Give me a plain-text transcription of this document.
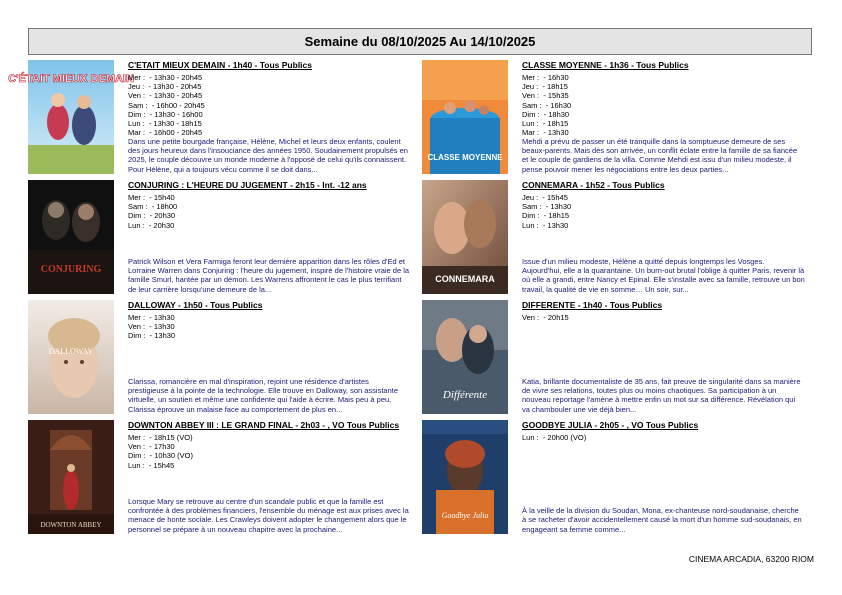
Semaine du 08/10/2025 Au 14/10/2025
C'ÉTAIT MIEUX DEMAIN
C'ETAIT MIEUX DEMAIN - 1h40 - Tous Publics
Mer :  - 13h30 - 20h45
Jeu :  - 13h30 - 20h45
Ven :  - 13h30 - 20h45
Sam :  - 16h00 - 20h45
Dim :  - 13h30 - 16h00
Lun :  - 13h30 - 18h15
Mar :  - 16h00 - 20h45
Dans une petite bourgade française, Hélène, Michel et leurs deux enfants, coulent des jours heureux dans l'insouciance des années 1950. Soudainement propulsés en 2025, le couple découvre un monde moderne à l'opposé de celui qu'ils connaissent. Pour Hélène, qui a toujours vécu comme il se doit dans...
CLASSE MOYENNE
CLASSE MOYENNE - 1h36 - Tous Publics
Mer :  - 16h30
Jeu :  - 18h15
Ven :  - 15h35
Sam :  - 16h30
Dim :  - 18h30
Lun :  - 18h15
Mar :  - 13h30
Mehdi a prévu de passer un été tranquille dans la somptueuse demeure de ses beaux-parents. Mais dès son arrivée, un conflit éclate entre la famille de sa fiancée et le couple de gardiens de la villa. Comme Mehdi est issu d'un milieu modeste, il pense pouvoir mener les négociations entre les deux parties...
CONJURING
CONJURING : L'HEURE DU JUGEMENT - 2h15 - Int. -12 ans
Mer :  - 15h40
Sam :  - 18h00
Dim :  - 20h30
Lun :  - 20h30
Patrick Wilson et Vera Farmiga feront leur dernière apparition dans les rôles d'Ed et Lorraine Warren dans Conjuring : l'heure du jugement, inspiré de l'histoire vraie de la famille Smurl, hantée par un démon. Les Warrens affrontent le cas le plus terrifiant de leur carrière lorsqu'une demeure de la...
CONNEMARA
CONNEMARA - 1h52 - Tous Publics
Jeu :  - 15h45
Sam :  - 13h30
Dim :  - 18h15
Lun :  - 13h30
Issue d'un milieu modeste, Hélène a quitté depuis longtemps les Vosges. Aujourd'hui, elle a la quarantaine. Un burn-out brutal l'oblige à quitter Paris, revenir là où elle a grandi, entre Nancy et Epinal. Elle s'installe avec sa famille, retrouve un bon travail, la qualité de vie en somme… Un soir, sur...
DALLOWAY
DALLOWAY - 1h50 - Tous Publics
Mer :  - 13h30
Ven :  - 13h30
Dim :  - 13h30
Clarissa, romancière en mal d'inspiration, rejoint une résidence d'artistes prestigieuse à la pointe de la technologie. Elle trouve en Dalloway, son assistante virtuelle, un soutien et même une confidente qui l'aide à écrire. Mais peu à peu, Clarissa éprouve un malaise face au comportement de plus en...
Différente
DIFFERENTE - 1h40 - Tous Publics
Ven :  - 20h15
Katia, brillante documentaliste de 35 ans, fait preuve de singularité dans sa manière de vivre ses relations, toutes plus ou moins chaotiques. Sa participation à un nouveau reportage l'amène à mettre enfin un mot sur sa différence. Révélation qui va chambouler une vie déjà bien...
DOWNTON ABBEY
DOWNTON ABBEY III : LE GRAND FINAL - 2h03 - , VO Tous Publics
Mer :  - 18h15 (VO)
Ven :  - 17h30
Dim :  - 10h30 (VO)
Lun :  - 15h45
Lorsque Mary se retrouve au centre d'un scandale public et que la famille est confrontée à des problèmes financiers, l'ensemble du ménage est aux prises avec la menace de honte sociale. Les Crawleys doivent adopter le changement alors que le personnel se prépare à un nouveau chapitre avec la prochaine...
Goodbye Julia
GOODBYE JULIA - 2h05 - , VO Tous Publics
Lun :  - 20h00 (VO)
À la veille de la division du Soudan, Mona, ex-chanteuse nord-soudanaise, cherche à se racheter d'avoir accidentellement causé la mort d'un homme sud-soudanais, en engageant sa femme comme...
CINEMA ARCADIA, 63200 RIOM
